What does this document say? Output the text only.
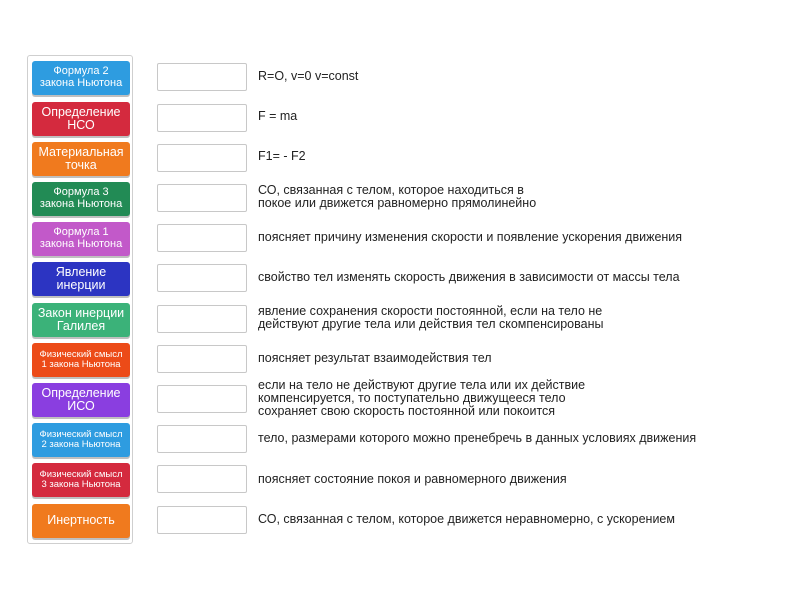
Формула 2
закона Ньютона
Определение
НСО
Материальная
точка
Формула 3
закона Ньютона
Формула 1
закона Ньютона
Явление
инерции
Закон инерции
Галилея
Физический смысл
1 закона Ньютона
Определение
ИСО
Физический смысл
2 закона Ньютона
Физический смысл
3 закона Ньютона
Инертность
R=O, v=0 v=const
F = ma
F1= - F2
СО, связанная с телом, которое находиться в
покое или движется равномерно прямолинейно
поясняет причину изменения скорости и появление ускорения движения
свойство тел изменять скорость движения в зависимости от массы тела
явление сохранения скорости постоянной, если на тело не
действуют другие тела или действия тел скомпенсированы
поясняет результат взаимодействия тел
если на тело не действуют другие тела или их действие
компенсируется, то поступательно движущееся тело
сохраняет свою скорость постоянной или покоится
тело, размерами которого можно пренебречь в данных условиях движения
поясняет состояние покоя и равномерного движения
СО, связанная с телом, которое движется неравномерно, с ускорением
